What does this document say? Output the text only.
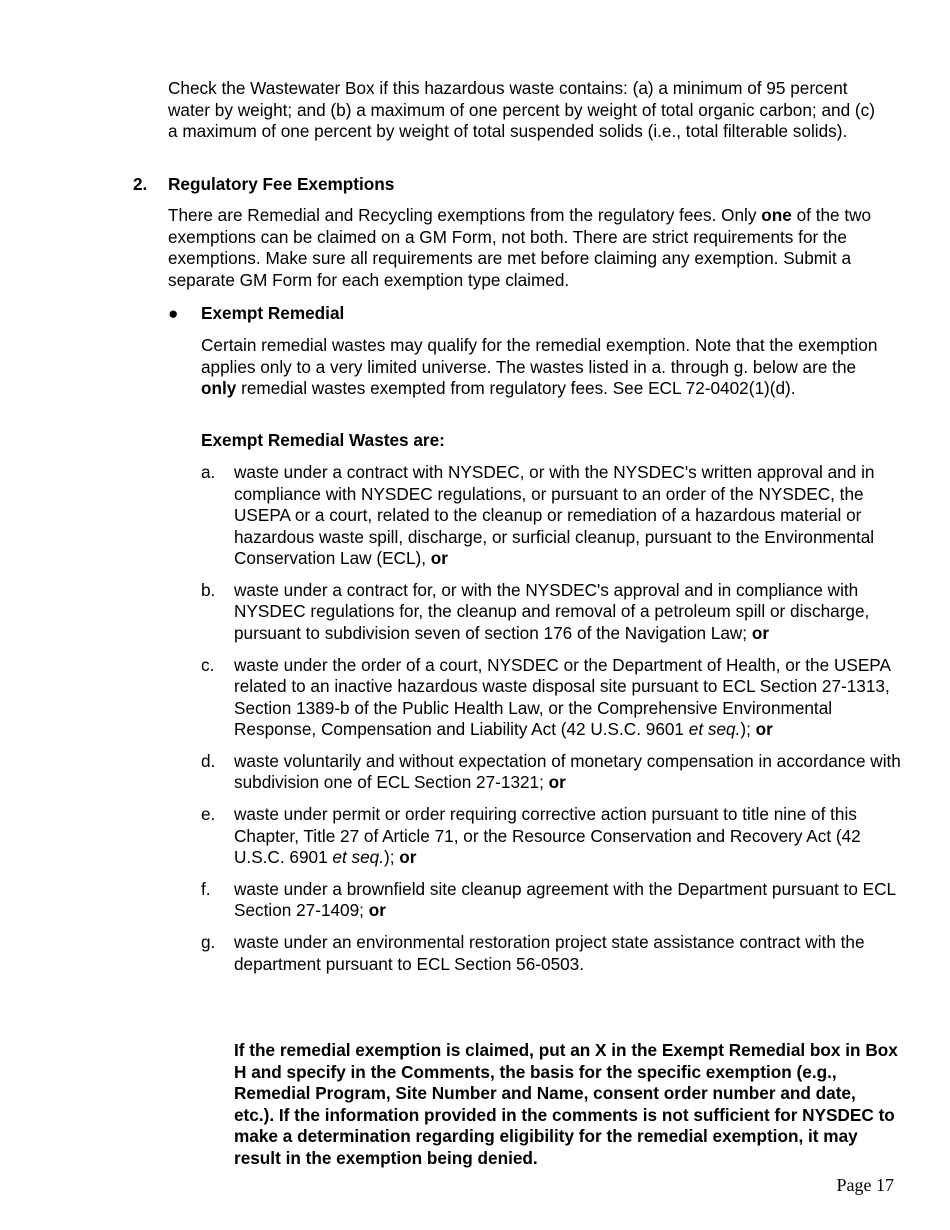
Check the Wastewater Box if this hazardous waste contains: (a) a minimum of 95 percent water by weight; and (b) a maximum of one percent by weight of total organic carbon; and (c) a maximum of one percent by weight of total suspended solids (i.e., total filterable solids).

2. Regulatory Fee Exemptions

There are Remedial and Recycling exemptions from the regulatory fees. Only one of the two exemptions can be claimed on a GM Form, not both. There are strict requirements for the exemptions. Make sure all requirements are met before claiming any exemption. Submit a separate GM Form for each exemption type claimed.

● Exempt Remedial

Certain remedial wastes may qualify for the remedial exemption. Note that the exemption applies only to a very limited universe. The wastes listed in a. through g. below are the only remedial wastes exempted from regulatory fees. See ECL 72-0402(1)(d).

Exempt Remedial Wastes are:
a.	waste under a contract with NYSDEC, or with the NYSDEC's written approval and in compliance with NYSDEC regulations, or pursuant to an order of the NYSDEC, the USEPA or a court, related to the cleanup or remediation of a hazardous material or hazardous waste spill, discharge, or surficial cleanup, pursuant to the Environmental Conservation Law (ECL), or
b.	waste under a contract for, or with the NYSDEC's approval and in compliance with NYSDEC regulations for, the cleanup and removal of a petroleum spill or discharge, pursuant to subdivision seven of section 176 of the Navigation Law; or
c.	waste under the order of a court, NYSDEC or the Department of Health, or the USEPA related to an inactive hazardous waste disposal site pursuant to ECL Section 27-1313, Section 1389-b of the Public Health Law, or the Comprehensive Environmental Response, Compensation and Liability Act (42 U.S.C. 9601 et seq.); or
d.	waste voluntarily and without expectation of monetary compensation in accordance with subdivision one of ECL Section 27-1321; or
e.	waste under permit or order requiring corrective action pursuant to title nine of this Chapter, Title 27 of Article 71, or the Resource Conservation and Recovery Act (42 U.S.C. 6901 et seq.); or
f.	waste under a brownfield site cleanup agreement with the Department pursuant to ECL Section 27-1409; or
g.	waste under an environmental restoration project state assistance contract with the department pursuant to ECL Section 56-0503.

If the remedial exemption is claimed, put an X in the Exempt Remedial box in Box H and specify in the Comments, the basis for the specific exemption (e.g., Remedial Program, Site Number and Name, consent order number and date, etc.). If the information provided in the comments is not sufficient for NYSDEC to make a determination regarding eligibility for the remedial exemption, it may result in the exemption being denied.

Page 17
